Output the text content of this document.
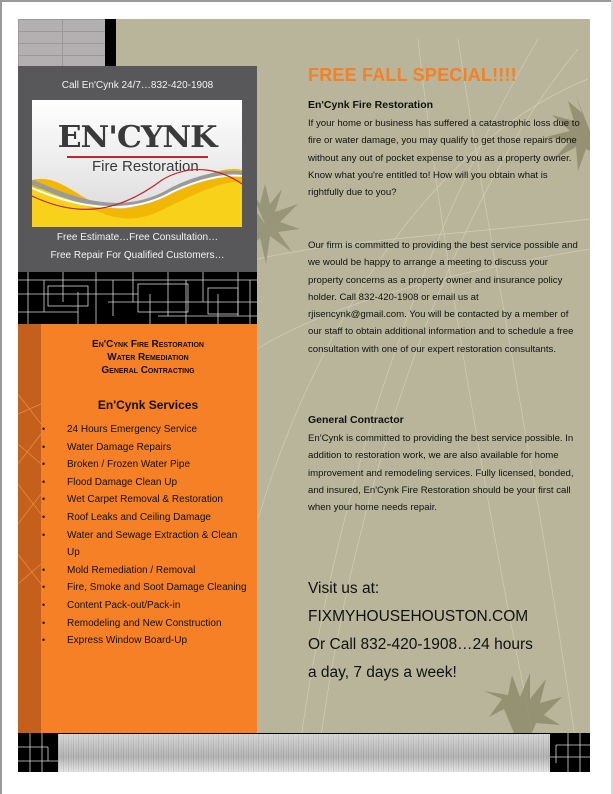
Call En'Cynk 24/7…832-420-1908
EN'CYNK
Fire Restoration
Free Estimate…Free Consultation…
Free Repair For Qualified Customers…
En'Cynk Fire Restoration
Water Remediation
General Contracting
En'Cynk Services
• 24 Hours Emergency Service
• Water Damage Repairs
• Broken / Frozen Water Pipe
• Flood Damage Clean Up
• Wet Carpet Removal & Restoration
• Roof Leaks and Ceiling Damage
• Water and Sewage Extraction & Clean Up
• Mold Remediation / Removal
• Fire, Smoke and Soot Damage Cleaning
• Content Pack-out/Pack-in
• Remodeling and New Construction
• Express Window Board-Up
FREE FALL SPECIAL!!!!
En'Cynk Fire Restoration
If your home or business has suffered a catastrophic loss due to fire or water damage, you may qualify to get those repairs done without any out of pocket expense to you as a property owner. Know what you're entitled to! How will you obtain what is rightfully due to you?
Our firm is committed to providing the best service possible and we would be happy to arrange a meeting to discuss your property concerns as a property owner and insurance policy holder. Call 832-420-1908 or email us at rjisencynk@gmail.com. You will be contacted by a member of our staff to obtain additional information and to schedule a free consultation with one of our expert restoration consultants.
General Contractor
En'Cynk is committed to providing the best service possible. In addition to restoration work, we are also available for home improvement and remodeling services. Fully licensed, bonded, and insured, En'Cynk Fire Restoration should be your first call when your home needs repair.
Visit us at:
FIXMYHOUSEHOUSTON.COM
Or Call 832-420-1908…24 hours
a day, 7 days a week!
